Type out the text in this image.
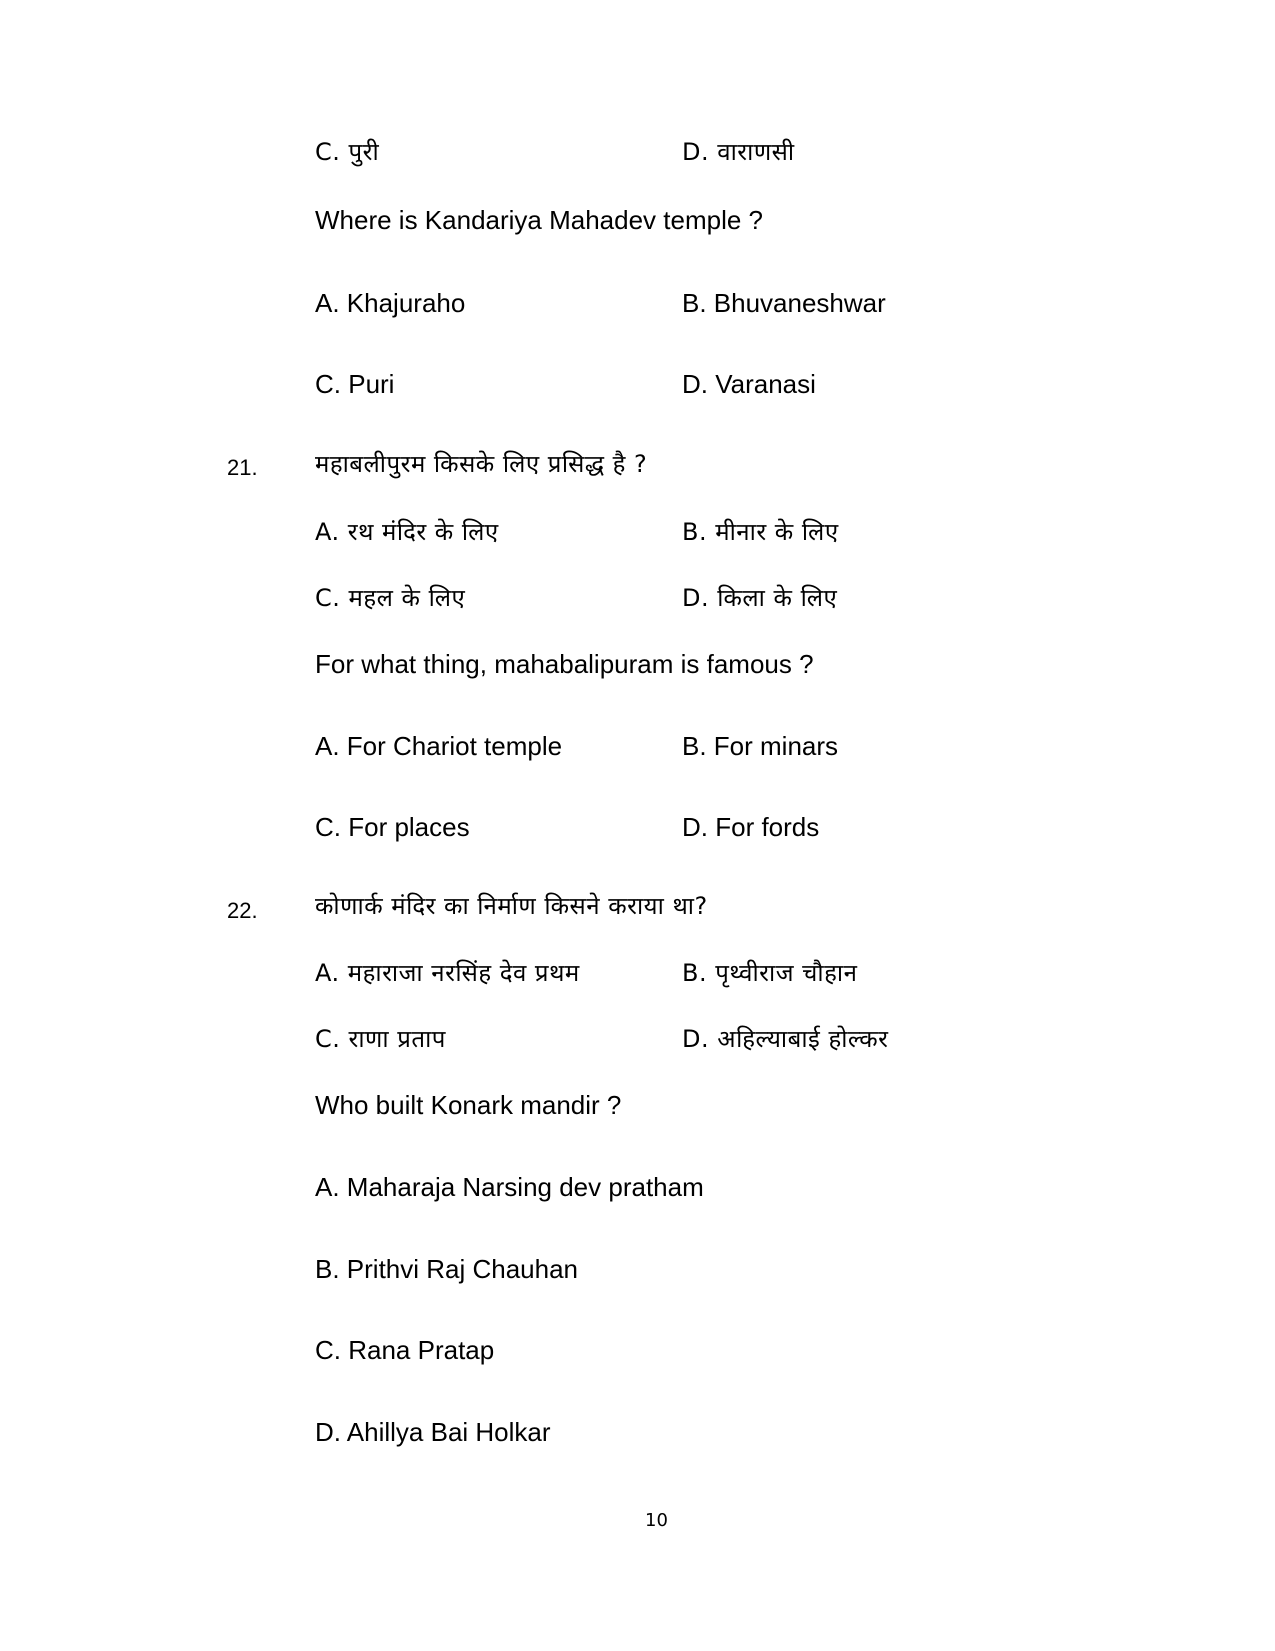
C. पुरी	D. वाराणसी
Where is Kandariya Mahadev temple ?
A. Khajuraho	B. Bhuvaneshwar
C. Puri	D. Varanasi
21. महाबलीपुरम किसके लिए प्रसिद्ध है ?
A. रथ मंदिर के लिए	B. मीनार के लिए
C. महल के लिए	D. किला के लिए
For what thing, mahabalipuram is famous ?
A. For Chariot temple	B. For minars
C. For places	D. For fords
22. कोणार्क मंदिर का निर्माण किसने कराया था?
A. महाराजा नरसिंह देव प्रथम	B. पृथ्वीराज चौहान
C. राणा प्रताप	D. अहिल्याबाई होल्कर
Who built Konark mandir ?
A. Maharaja Narsing dev pratham
B. Prithvi Raj Chauhan
C. Rana Pratap
D. Ahillya Bai Holkar
10
